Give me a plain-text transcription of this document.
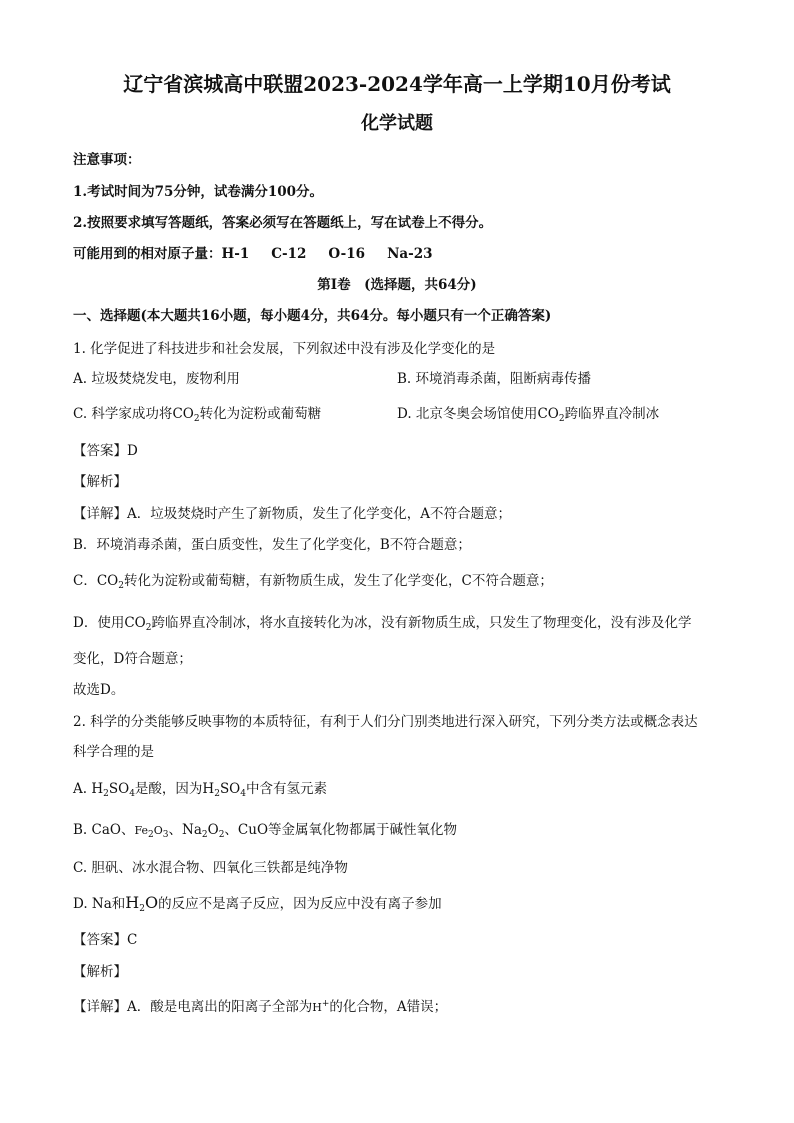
辽宁省滨城高中联盟2023-2024学年高一上学期10月份考试
化学试题
注意事项：
1.考试时间为75分钟，试卷满分100分。
2.按照要求填写答题纸，答案必须写在答题纸上，写在试卷上不得分。
可能用到的相对原子量：H-1 C-12 O-16 Na-23
第I卷　(选择题，共64分)
一、选择题(本大题共16小题，每小题4分，共64分。每小题只有一个正确答案)
1. 化学促进了科技进步和社会发展，下列叙述中没有涉及化学变化的是
A. 垃圾焚烧发电，废物利用	B. 环境消毒杀菌，阻断病毒传播
C. 科学家成功将$CO_2$转化为淀粉或葡萄糖	D. 北京冬奥会场馆使用$CO_2$跨临界直冷制冰
【答案】D
【解析】
【详解】A．垃圾焚烧时产生了新物质，发生了化学变化，A不符合题意；
B．环境消毒杀菌，蛋白质变性，发生了化学变化，B不符合题意；
C．$CO_2$转化为淀粉或葡萄糖，有新物质生成，发生了化学变化，C不符合题意；
D．使用$CO_2$跨临界直冷制冰，将水直接转化为冰，没有新物质生成，只发生了物理变化，没有涉及化学
变化，D符合题意；
故选D。
2. 科学的分类能够反映事物的本质特征，有利于人们分门别类地进行深入研究，下列分类方法或概念表达
科学合理的是
A. $H_2SO_4$是酸，因为$H_2SO_4$中含有氢元素
B. CaO、$Fe_2O_3$、$Na_2O_2$、CuO等金属氧化物都属于碱性氧化物
C. 胆矾、冰水混合物、四氧化三铁都是纯净物
D. Na和$H_2O$的反应不是离子反应，因为反应中没有离子参加
【答案】C
【解析】
【详解】A．酸是电离出的阳离子全部为H+的化合物，A错误；
